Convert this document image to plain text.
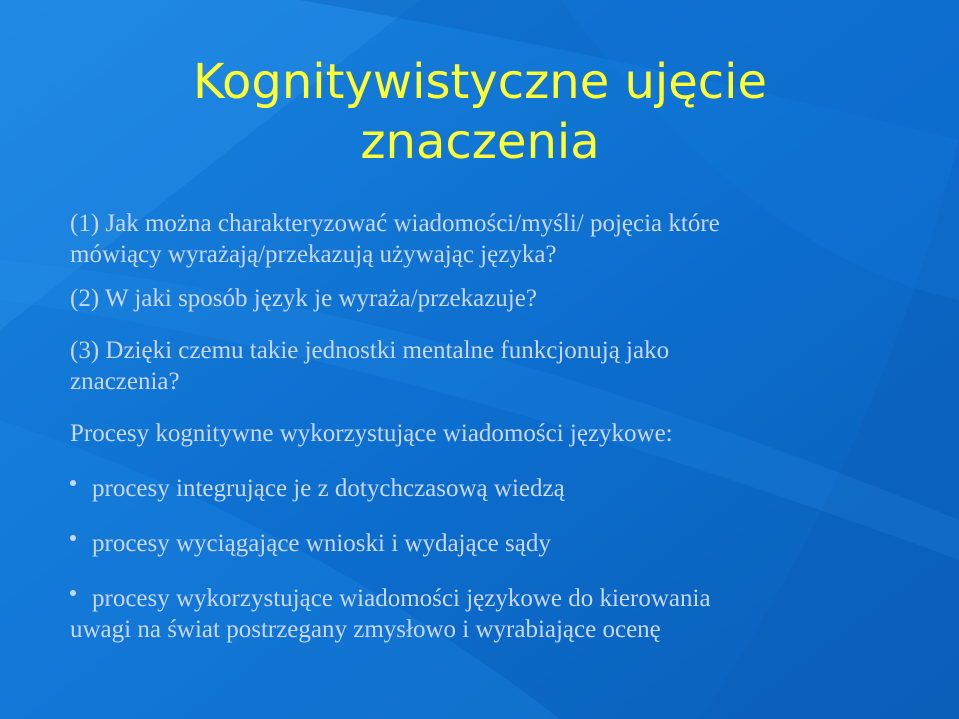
Kognitywistyczne ujęcie
znaczenia

(1) Jak można charakteryzować wiadomości/myśli/ pojęcia które
mówiący wyrażają/przekazują używając języka?

(2) W jaki sposób język je wyraża/przekazuje?

(3) Dzięki czemu takie jednostki mentalne funkcjonują jako
znaczenia?

Procesy kognitywne wykorzystujące wiadomości językowe:

procesy integrujące je z dotychczasową wiedzą

procesy wyciągające wnioski i wydające sądy

procesy wykorzystujące wiadomości językowe do kierowania
uwagi na świat postrzegany zmysłowo i wyrabiające ocenę
